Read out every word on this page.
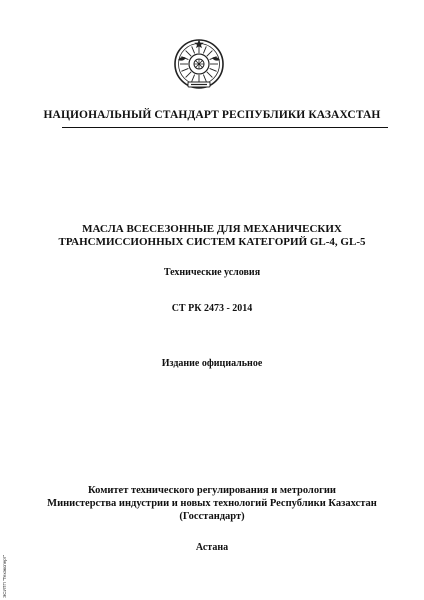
НАЦИОНАЛЬНЫЙ СТАНДАРТ РЕСПУБЛИКИ КАЗАХСТАН
МАСЛА ВСЕСЕЗОННЫЕ ДЛЯ МЕХАНИЧЕСКИХ
ТРАНСМИССИОННЫХ СИСТЕМ КАТЕГОРИЙ GL-4, GL-5
Технические условия
СТ РК 2473 - 2014
Издание официальное
Комитет технического регулирования и метрологии
Министерства индустрии и новых технологий Республики Казахстан
(Госстандарт)
Астана
ЭСИТП "Техэксперт"
